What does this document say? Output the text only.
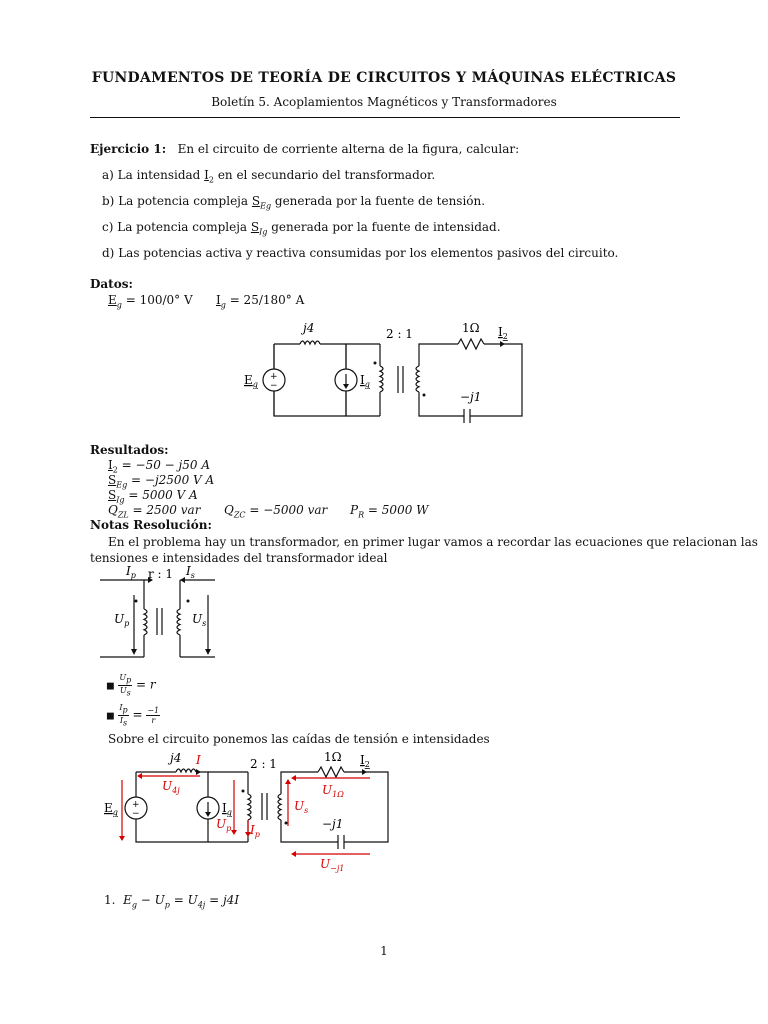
FUNDAMENTOS DE TEORÍA DE CIRCUITOS Y MÁQUINAS ELÉCTRICAS
Boletín 5. Acoplamientos Magnéticos y Transformadores
Ejercicio 1: En el circuito de corriente alterna de la figura, calcular:
a) La intensidad $I_2$ en el secundario del transformador.
b) La potencia compleja $S_{Eg}$ generada por la fuente de tensión.
c) La potencia compleja $S_{Ig}$ generada por la fuente de intensidad.
d) Las potencias activa y reactiva consumidas por los elementos pasivos del circuito.
Datos:
$E_g = 100/0^\circ$ V $I_g = 25/180^\circ$ A
+
−
j4	2 : 1	1Ω $I_2$
−j1
$E_g$	$I_g$
Resultados:
$I_2 = -50 - j50$ A
$S_{Eg} = -j2500$ V A
$S_{Ig} = 5000$ V A
$Q_{ZL} = 2500$ var $Q_{ZC} = -5000$ var $P_R = 5000$ W
Notas Resolución:
En el problema hay un transformador, en primer lugar vamos a recordar las ecuaciones que relacionan las
tensiones e intensidades del transformador ideal
$I_p$ r : 1 $I_s$
$U_p$	$U_s$
■ $\frac{U_p}{U_s} = r$
■ $\frac{I_p}{I_s} = \frac{-1}{r}$
Sobre el circuito ponemos las caídas de tensión e intensidades
+
−
j4 I
$U_{4j}$
2 : 1	1Ω $I_2$
$U_{1\Omega}$
$E_g$	$I_g$
$U_p$ $I_p$
$U_s$
−j1
$U_{-j1}$
1. $E_g - U_p = U_{4j} = j4I$
1
